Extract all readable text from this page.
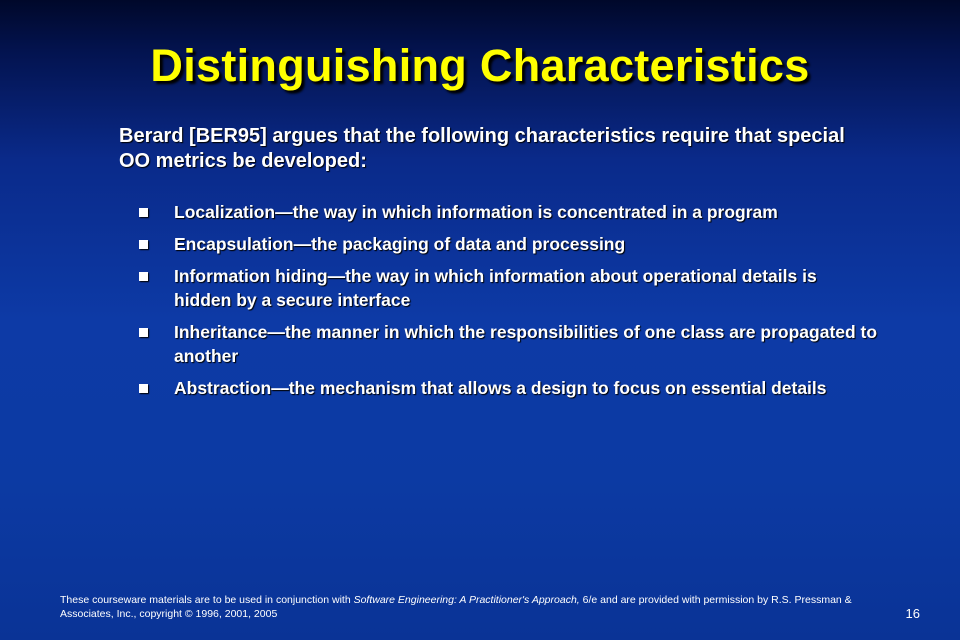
Distinguishing Characteristics
Berard [BER95] argues that the following characteristics require that special OO metrics be developed:
Localization—the way in which information is concentrated in a program
Encapsulation—the packaging of data and processing
Information hiding—the way in which information about operational details is hidden by a secure interface
Inheritance—the manner in which the responsibilities of one class are propagated to another
Abstraction—the mechanism that allows a design to focus on essential details
These courseware materials are to be used in conjunction with Software Engineering: A Practitioner's Approach, 6/e and are provided with permission by R.S. Pressman & Associates, Inc., copyright © 1996, 2001, 2005	16
